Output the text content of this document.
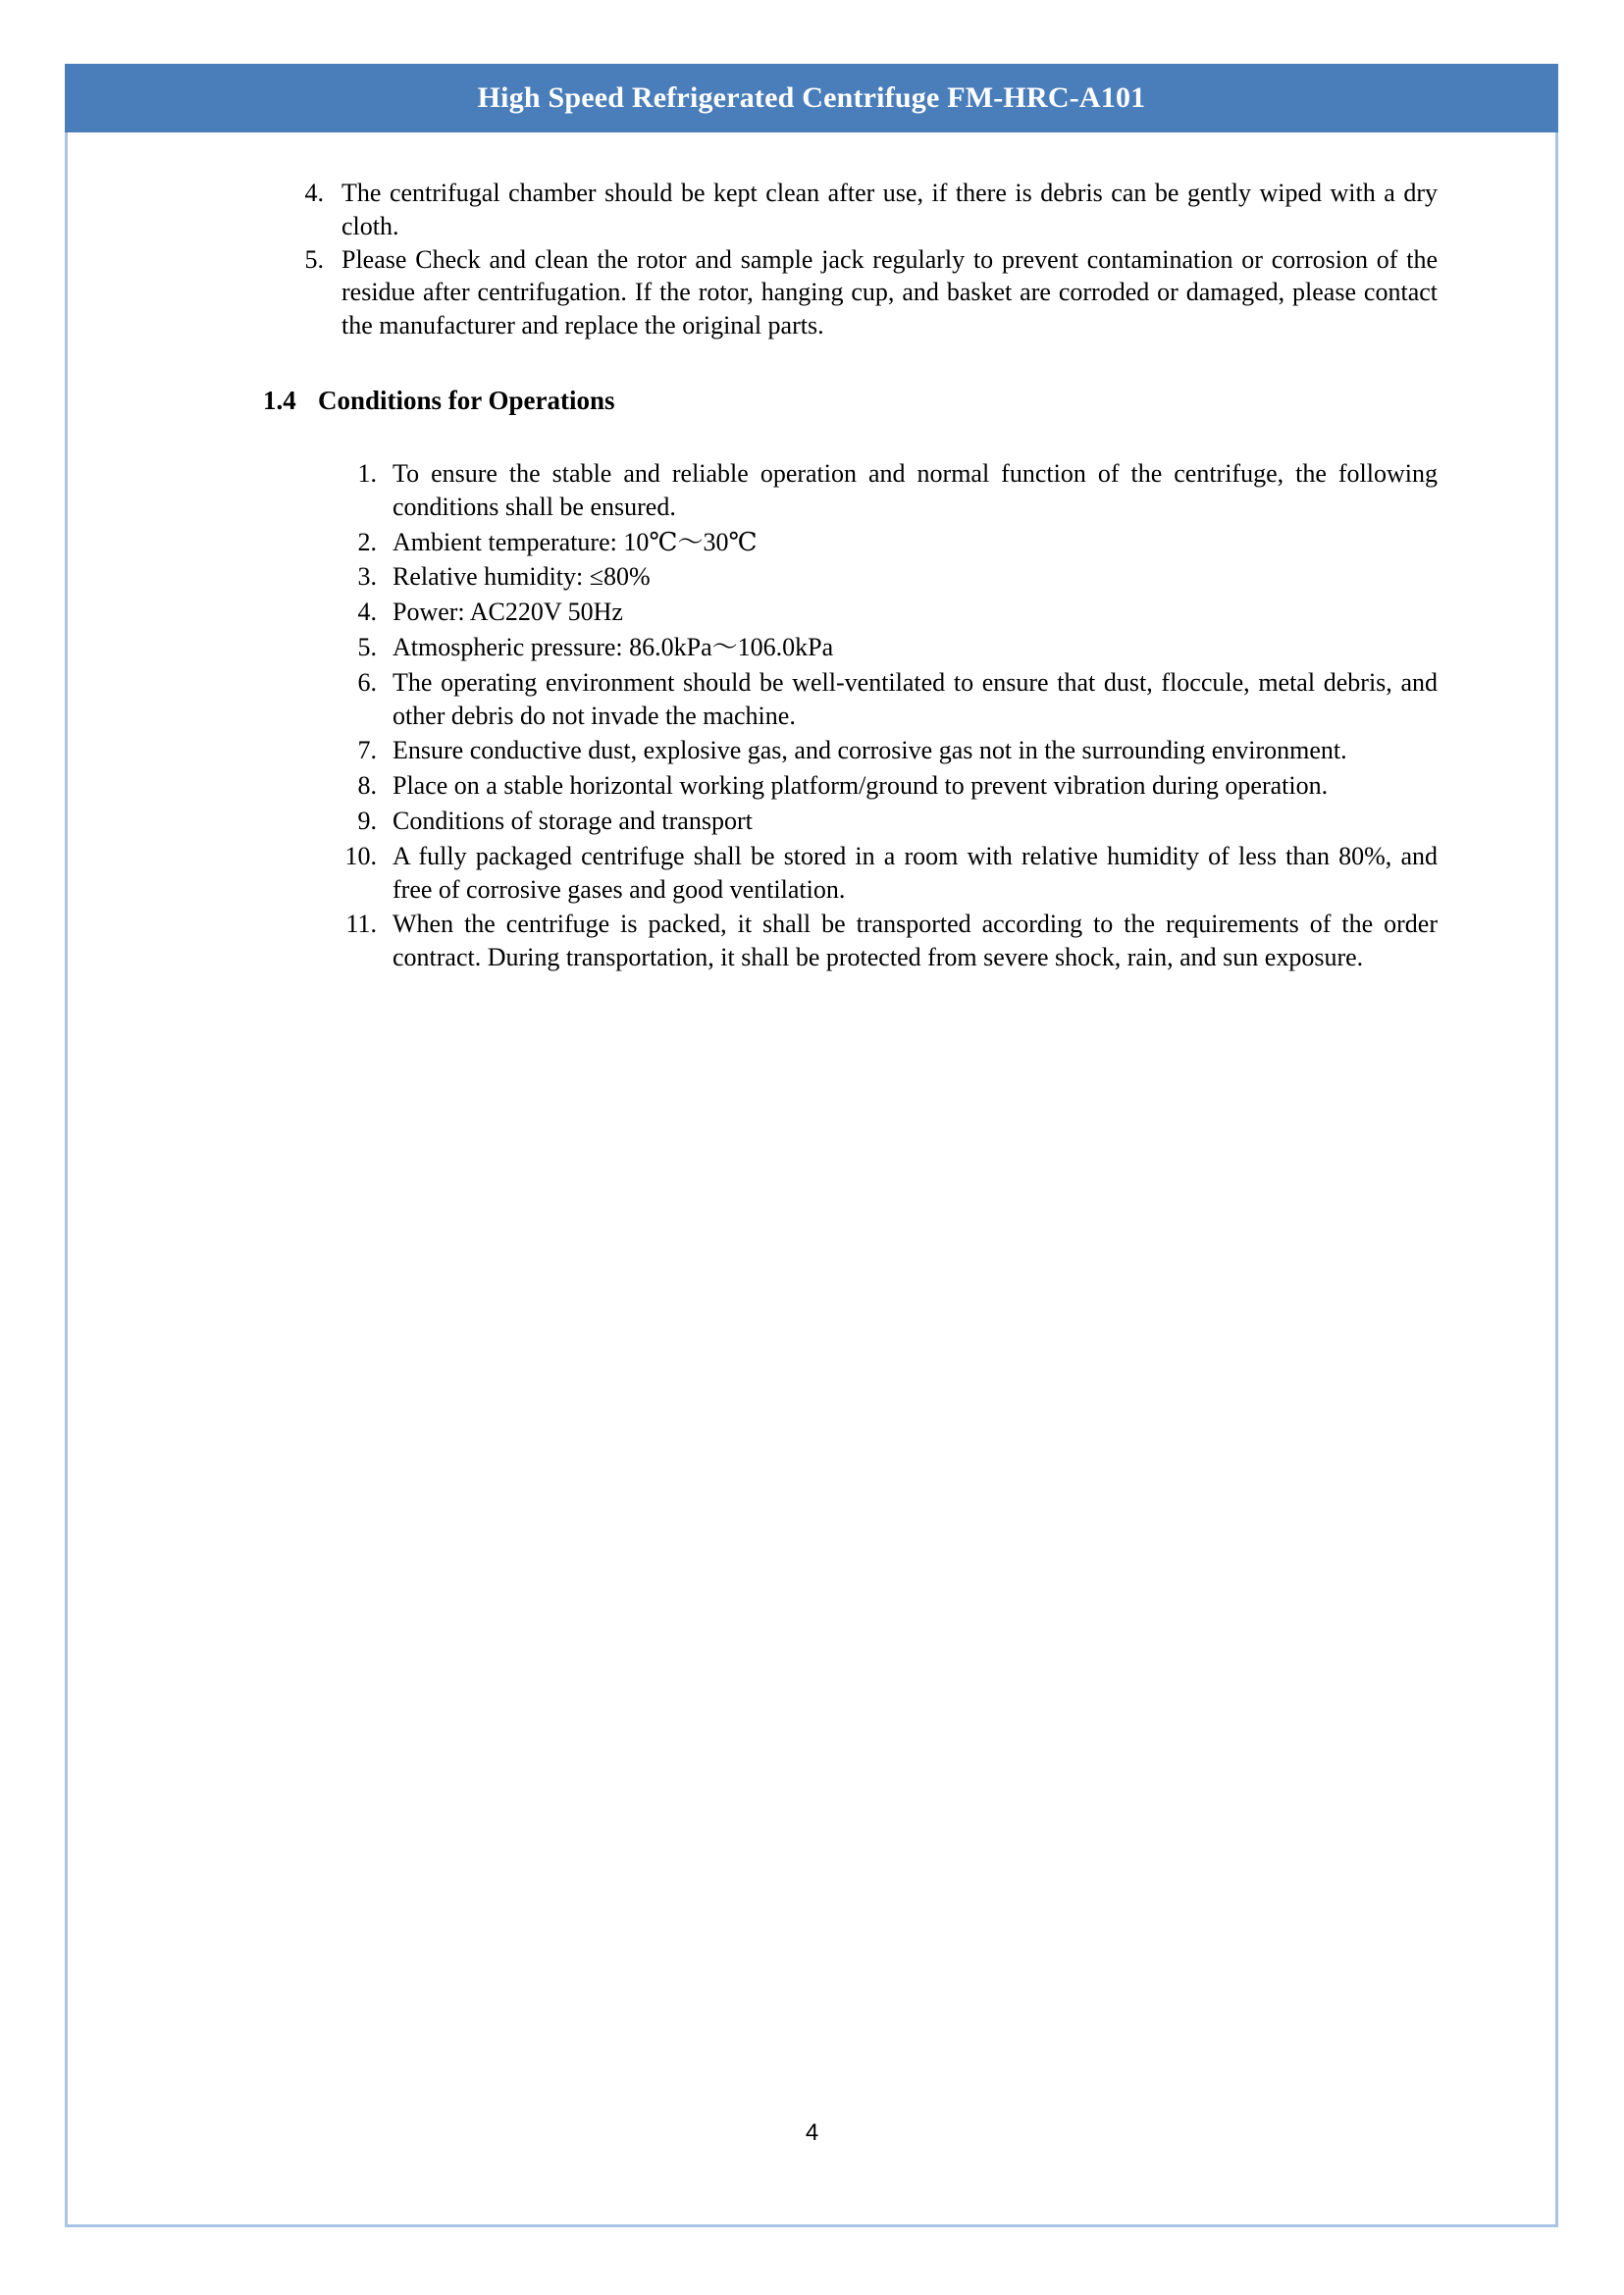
High Speed Refrigerated Centrifuge FM-HRC-A101
4. The centrifugal chamber should be kept clean after use, if there is debris can be gently wiped with a dry cloth.
5. Please Check and clean the rotor and sample jack regularly to prevent contamination or corrosion of the residue after centrifugation. If the rotor, hanging cup, and basket are corroded or damaged, please contact the manufacturer and replace the original parts.
1.4 Conditions for Operations
1. To ensure the stable and reliable operation and normal function of the centrifuge, the following conditions shall be ensured.
2. Ambient temperature: 10℃～30℃
3. Relative humidity: ≤80%
4. Power: AC220V 50Hz
5. Atmospheric pressure: 86.0kPa～106.0kPa
6. The operating environment should be well-ventilated to ensure that dust, floccule, metal debris, and other debris do not invade the machine.
7. Ensure conductive dust, explosive gas, and corrosive gas not in the surrounding environment.
8. Place on a stable horizontal working platform/ground to prevent vibration during operation.
9. Conditions of storage and transport
10. A fully packaged centrifuge shall be stored in a room with relative humidity of less than 80%, and free of corrosive gases and good ventilation.
11. When the centrifuge is packed, it shall be transported according to the requirements of the order contract. During transportation, it shall be protected from severe shock, rain, and sun exposure.
4
